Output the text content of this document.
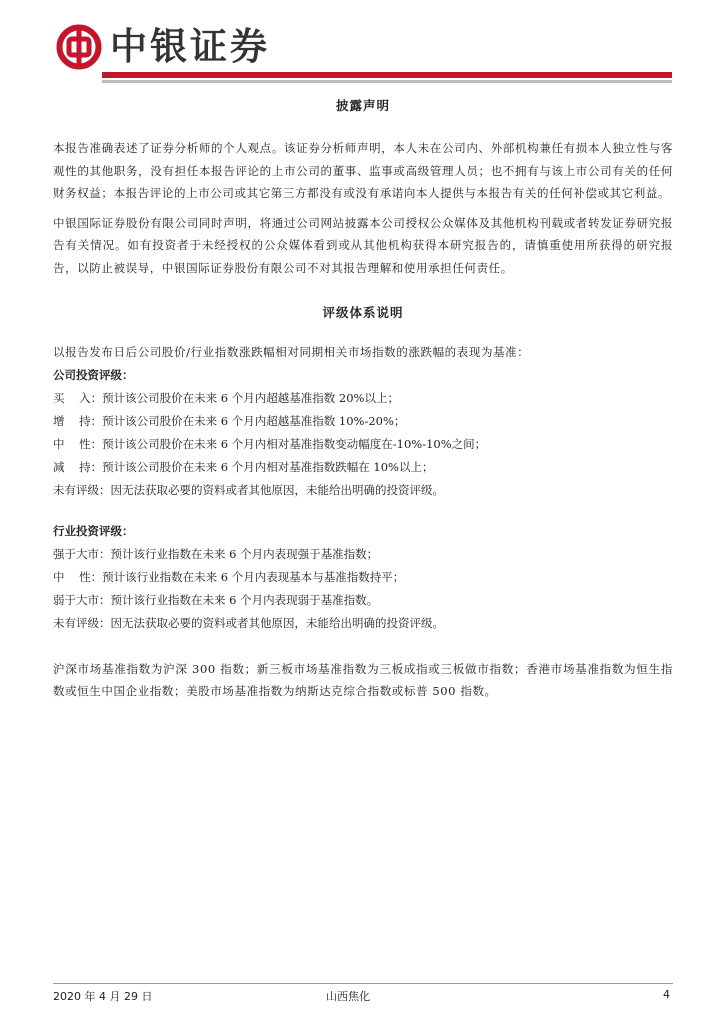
中银证券

披露声明

本报告准确表述了证券分析师的个人观点。该证券分析师声明，本人未在公司内、外部机构兼任有损本人独立性与客观性的其他职务，没有担任本报告评论的上市公司的董事、监事或高级管理人员；也不拥有与该上市公司有关的任何财务权益；本报告评论的上市公司或其它第三方都没有或没有承诺向本人提供与本报告有关的任何补偿或其它利益。

中银国际证券股份有限公司同时声明，将通过公司网站披露本公司授权公众媒体及其他机构刊载或者转发证券研究报告有关情况。如有投资者于未经授权的公众媒体看到或从其他机构获得本研究报告的，请慎重使用所获得的研究报告，以防止被误导，中银国际证券股份有限公司不对其报告理解和使用承担任何责任。

评级体系说明

以报告发布日后公司股价/行业指数涨跌幅相对同期相关市场指数的涨跌幅的表现为基准：

公司投资评级：

买    入： 预计该公司股价在未来 6 个月内超越基准指数 20%以上；

增    持： 预计该公司股价在未来 6 个月内超越基准指数 10%-20%；

中    性： 预计该公司股价在未来 6 个月内相对基准指数变动幅度在-10%-10%之间；

减    持： 预计该公司股价在未来 6 个月内相对基准指数跌幅在 10%以上；

未有评级： 因无法获取必要的资料或者其他原因，未能给出明确的投资评级。

行业投资评级：

强于大市： 预计该行业指数在未来 6 个月内表现强于基准指数；

中    性： 预计该行业指数在未来 6 个月内表现基本与基准指数持平；

弱于大市： 预计该行业指数在未来 6 个月内表现弱于基准指数。

未有评级： 因无法获取必要的资料或者其他原因，未能给出明确的投资评级。

沪深市场基准指数为沪深 300 指数；新三板市场基准指数为三板成指或三板做市指数；香港市场基准指数为恒生指数或恒生中国企业指数；美股市场基准指数为纳斯达克综合指数或标普 500 指数。

2020 年 4 月 29 日	山西焦化	4
